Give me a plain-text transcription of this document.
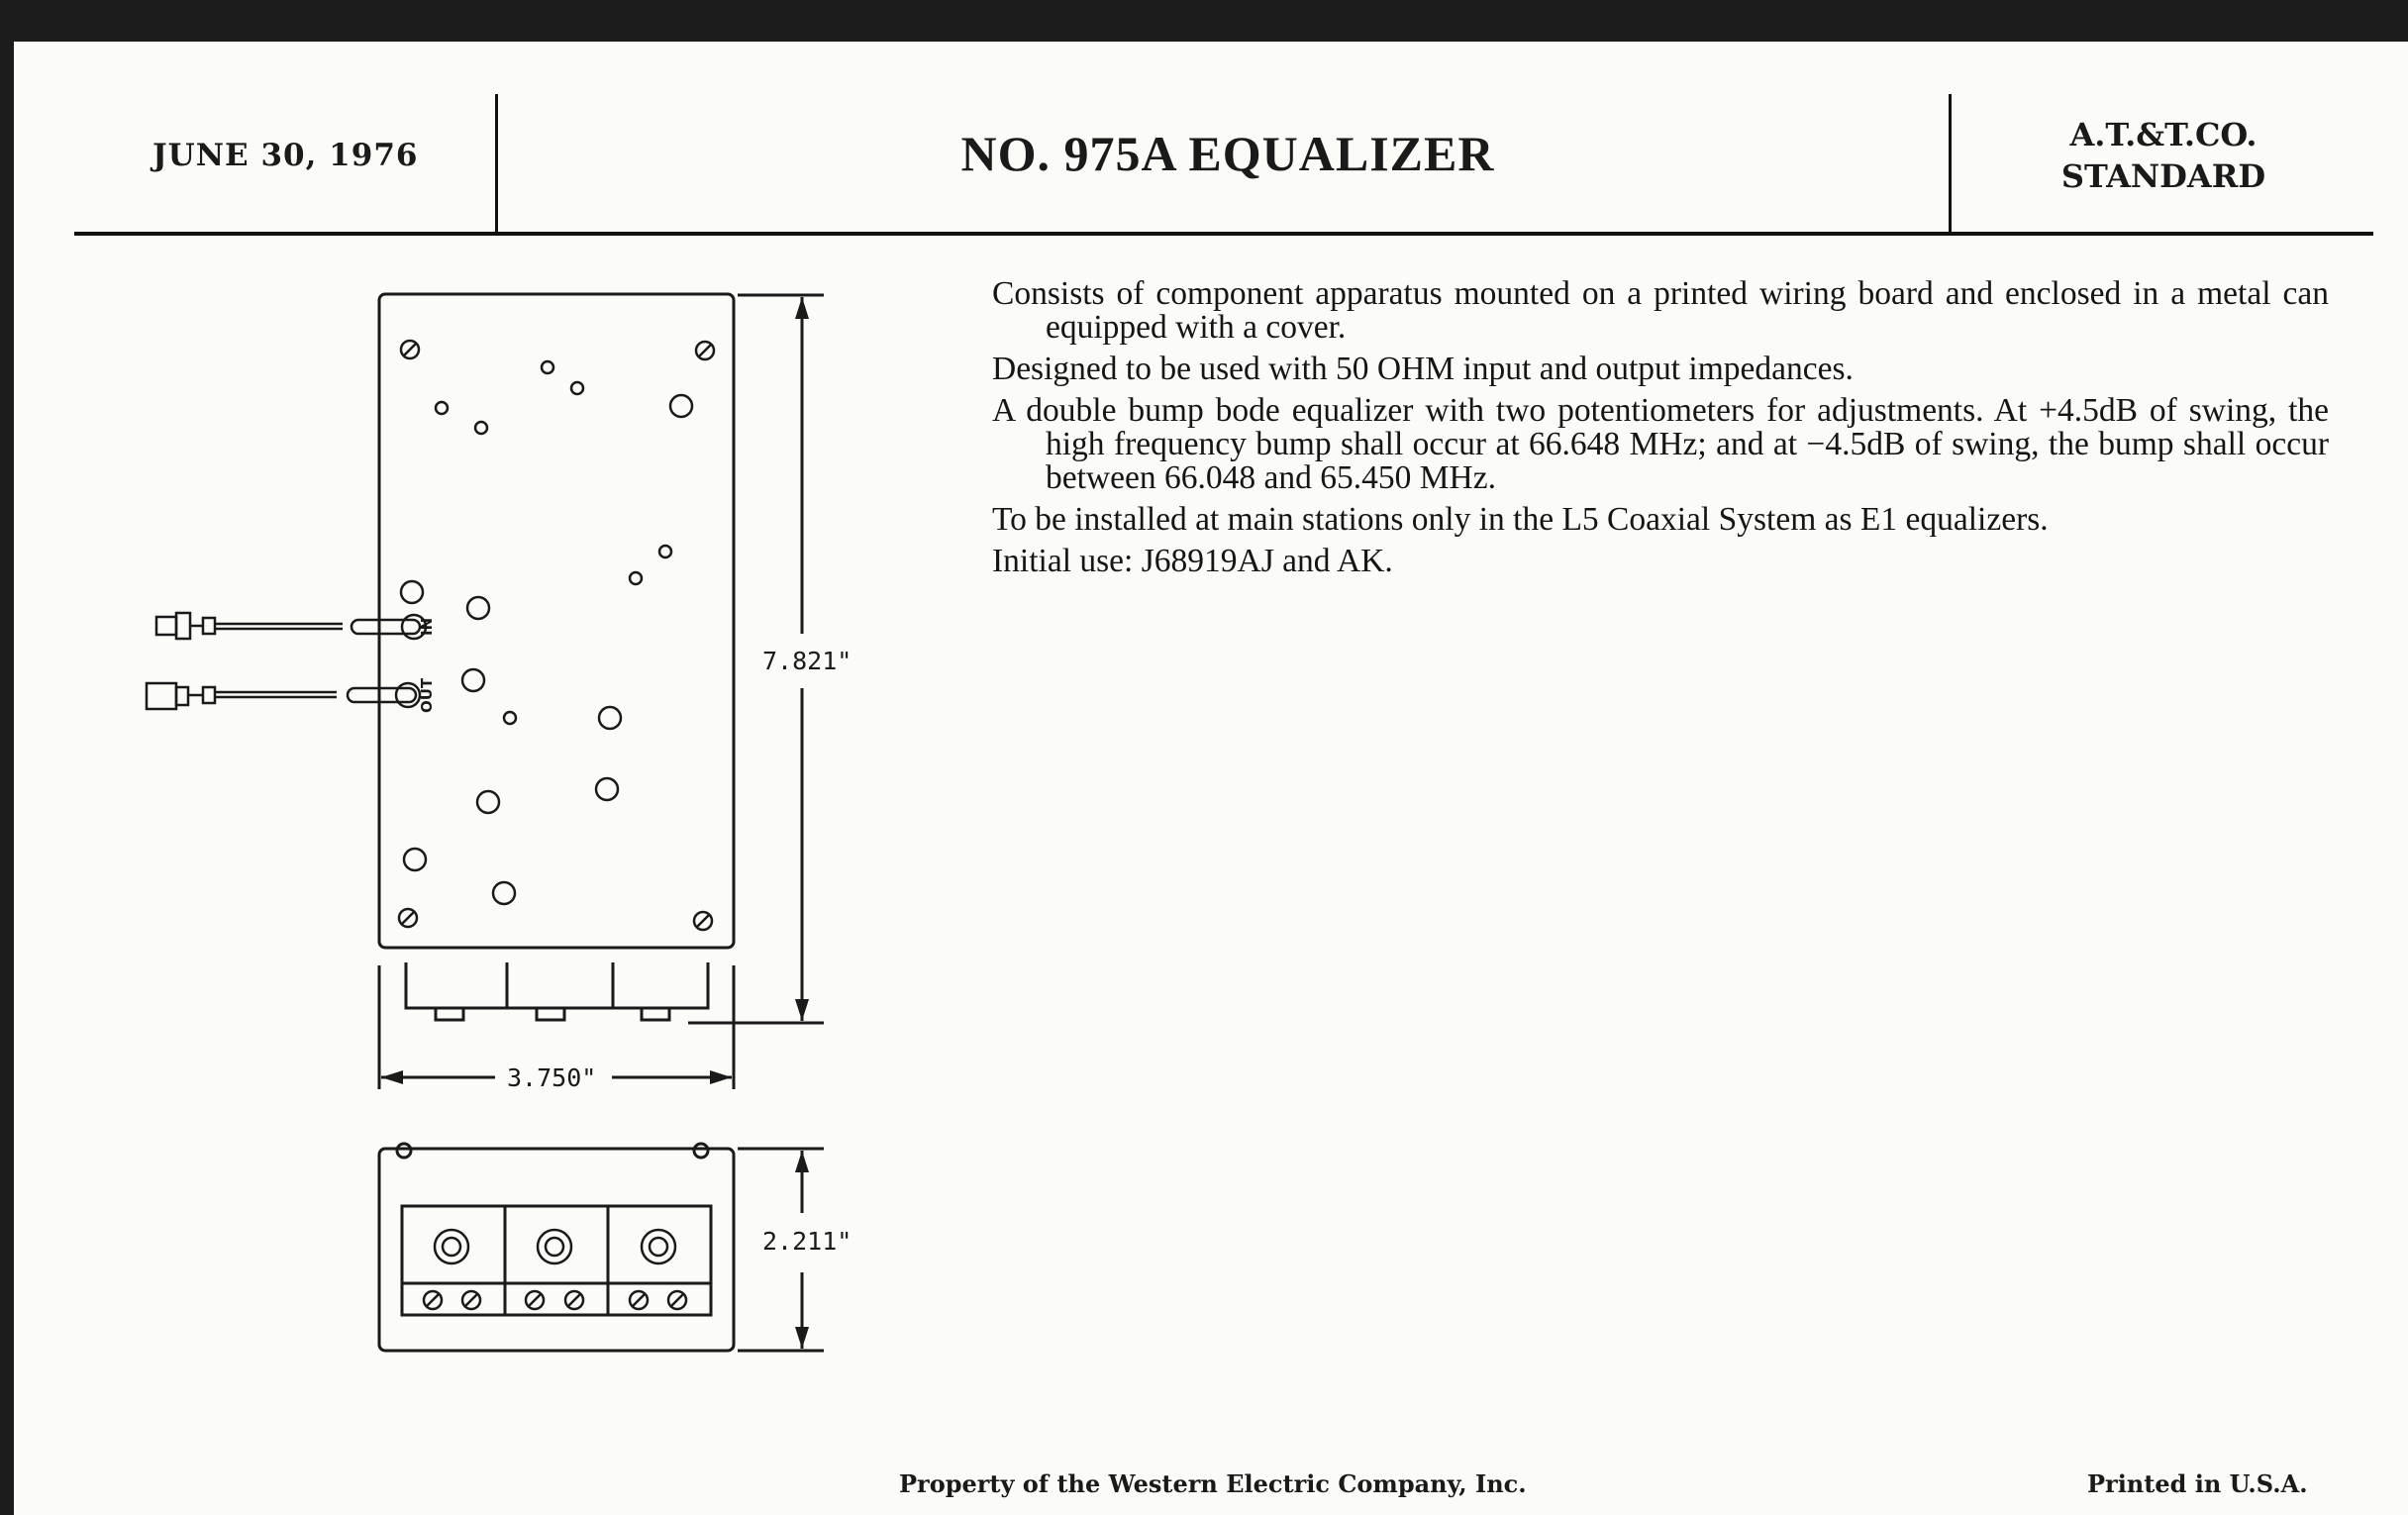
JUNE 30, 1976	NO. 975A EQUALIZER	A.T.&T.CO.
STANDARD
7.821"
3.750"
2.211"
IN
OUT

Consists of component apparatus mounted on a printed wiring board and enclosed in a metal can equipped with a cover.

Designed to be used with 50 OHM input and output impedances.

A double bump bode equalizer with two potentiometers for adjustments. At +4.5dB of swing, the high frequency bump shall occur at 66.648 MHz; and at −4.5dB of swing, the bump shall occur between 66.048 and 65.450 MHz.

To be installed at main stations only in the L5 Coaxial System as E1 equalizers.

Initial use: J68919AJ and AK.

Property of the Western Electric Company, Inc.	Printed in U.S.A.
